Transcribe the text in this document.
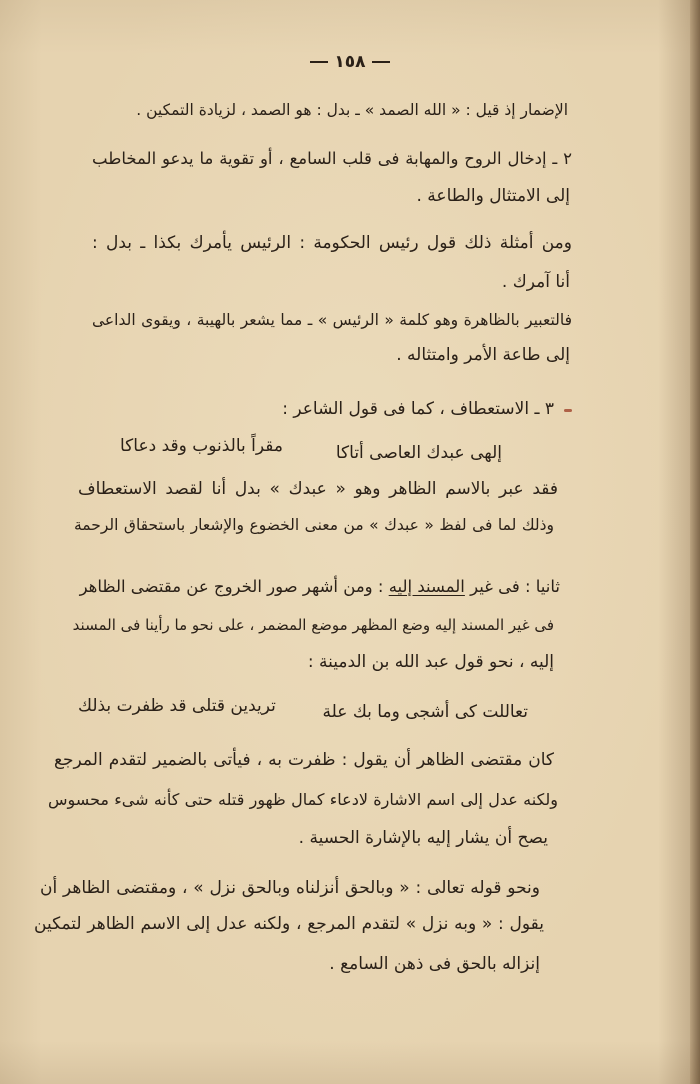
١٥٨
الإضمار إذ قيل : « الله الصمد » ـ بدل : هو الصمد ، لزيادة التمكين .
٢ ـ إدخال الروح والمهابة فى قلب السامع ، أو تقوية ما يدعو المخاطب
إلى الامتثال والطاعة .
ومن أمثلة ذلك قول رئيس الحكومة : الرئيس يأمرك بكذا ـ بدل :
أنا آمرك .
فالتعبير بالظاهرة وهو كلمة « الرئيس » ـ مما يشعر بالهيبة ، ويقوى الداعى
إلى طاعة الأمر وامتثاله .
٣ ـ الاستعطاف ، كما فى قول الشاعر :
إلهى عبدك العاصى أتاكا
مقراً بالذنوب وقد دعاكا
فقد عبر بالاسم الظاهر وهو « عبدك » بدل أنا لقصد الاستعطاف
وذلك لما فى لفظ « عبدك » من معنى الخضوع والإشعار باستحقاق الرحمة
ثانيا : فى غير المسند إليه : ومن أشهر صور الخروج عن مقتضى الظاهر
فى غير المسند إليه وضع المظهر موضع المضمر ، على نحو ما رأينا فى المسند
إليه ، نحو قول عبد الله بن الدمينة :
تعاللت كى أشجى وما بك علة
تريدين قتلى قد ظفرت بذلك
كان مقتضى الظاهر أن يقول : ظفرت به ، فيأتى بالضمير لتقدم المرجع
ولكنه عدل إلى اسم الاشارة لادعاء كمال ظهور قتله حتى كأنه شىء محسوس
يصح أن يشار إليه بالإشارة الحسية .
ونحو قوله تعالى : « وبالحق أنزلناه وبالحق نزل » ، ومقتضى الظاهر أن
يقول : « وبه نزل » لتقدم المرجع ، ولكنه عدل إلى الاسم الظاهر لتمكين
إنزاله بالحق فى ذهن السامع .
